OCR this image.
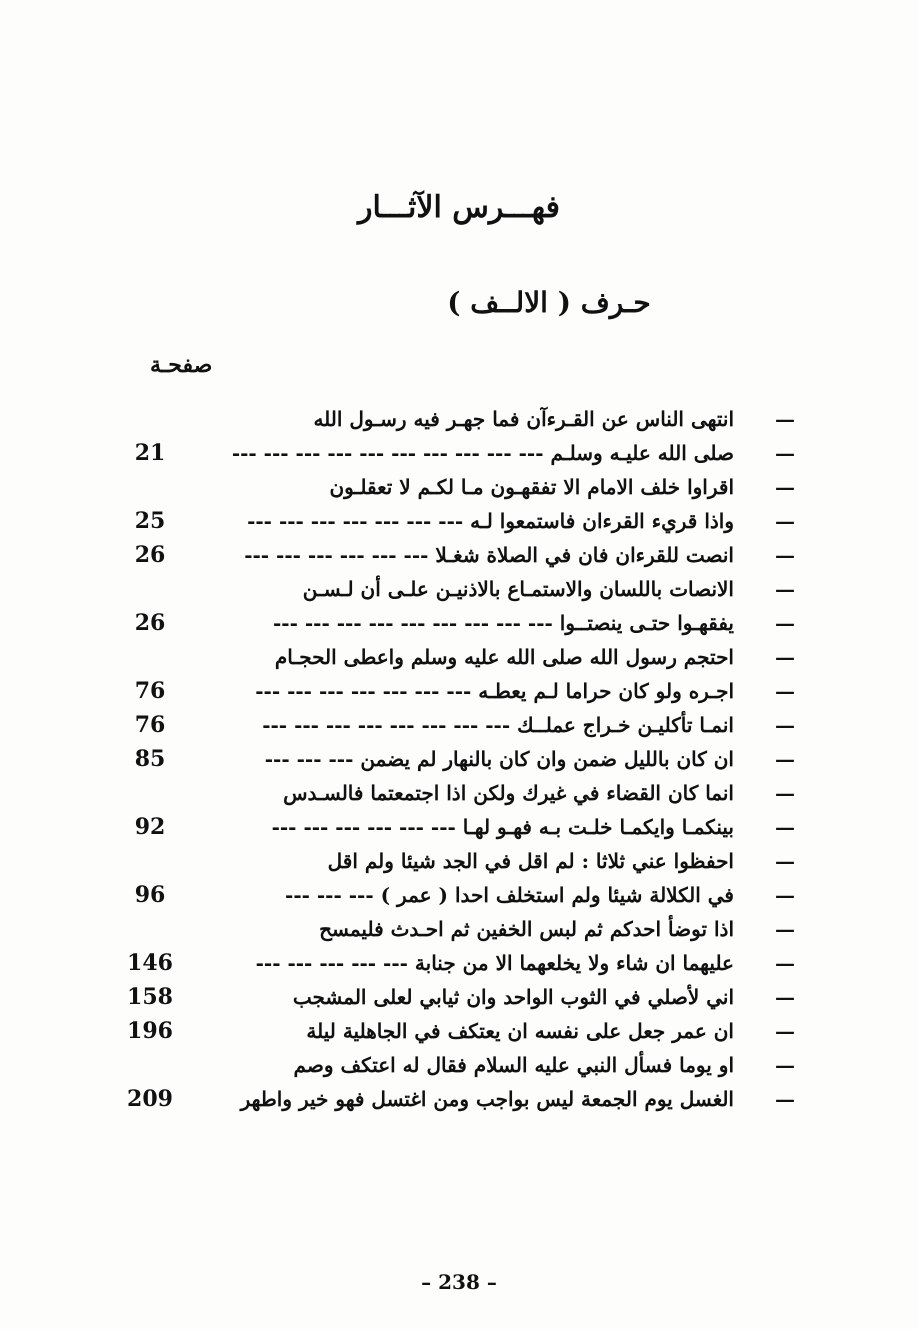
فهـــرس الآثـــار
حـرف ( الالــف )
صفحـة
—
انتهى الناس عن القـرءآن فما جهـر فيه رسـول الله
—
صلى الله عليـه وسلـم --- --- --- --- --- --- --- --- --- ---
21
—
اقراوا خلف الامام الا تفقهـون مـا لكـم لا تعقلـون
—
واذا قريء القرءان فاستمعوا لـه --- --- --- --- --- --- ---
25
—
انصت للقرءان فان في الصلاة شغـلا --- --- --- --- --- ---
26
—
الانصات باللسان والاستمـاع بالاذنيـن علـى أن لـسـن
—
يفقهـوا حتـى ينصتــوا --- --- --- --- --- --- --- --- ---
26
—
احتجم رسول الله صلى الله عليه وسلم واعطى الحجـام
—
اجـره ولو كان حراما لـم يعطـه --- --- --- --- --- --- ---
76
—
انمـا تأكليـن خـراج عملــك --- --- --- --- --- --- --- ---
76
—
ان كان بالليل ضمن وان كان بالنهار لم يضمن --- --- ---
85
—
انما كان القضاء في غيرك ولكن اذا اجتمعتما فالسـدس
—
بينكمـا وايكمـا خلـت بـه فهـو لهـا --- --- --- --- --- ---
92
—
احفظوا عني ثلاثا : لم اقل في الجد شيئا ولم اقل
—
في الكلالة شيئا ولم استخلف احدا ( عمر ) --- --- ---
96
—
اذا توضأ احدكم ثم لبس الخفين ثم احـدث فليمسح
—
عليهما ان شاء ولا يخلعهما الا من جنابة --- --- --- --- ---
146
—
اني لأصلي في الثوب الواحد وان ثيابي لعلى المشجب
158
—
ان عمر جعل على نفسه ان يعتكف في الجاهلية ليلة
196
—
او يوما فسأل النبي عليه السلام فقال له اعتكف وصم
—
الغسل يوم الجمعة ليس بواجب ومن اغتسل فهو خير واطهر
209
– 238 –
